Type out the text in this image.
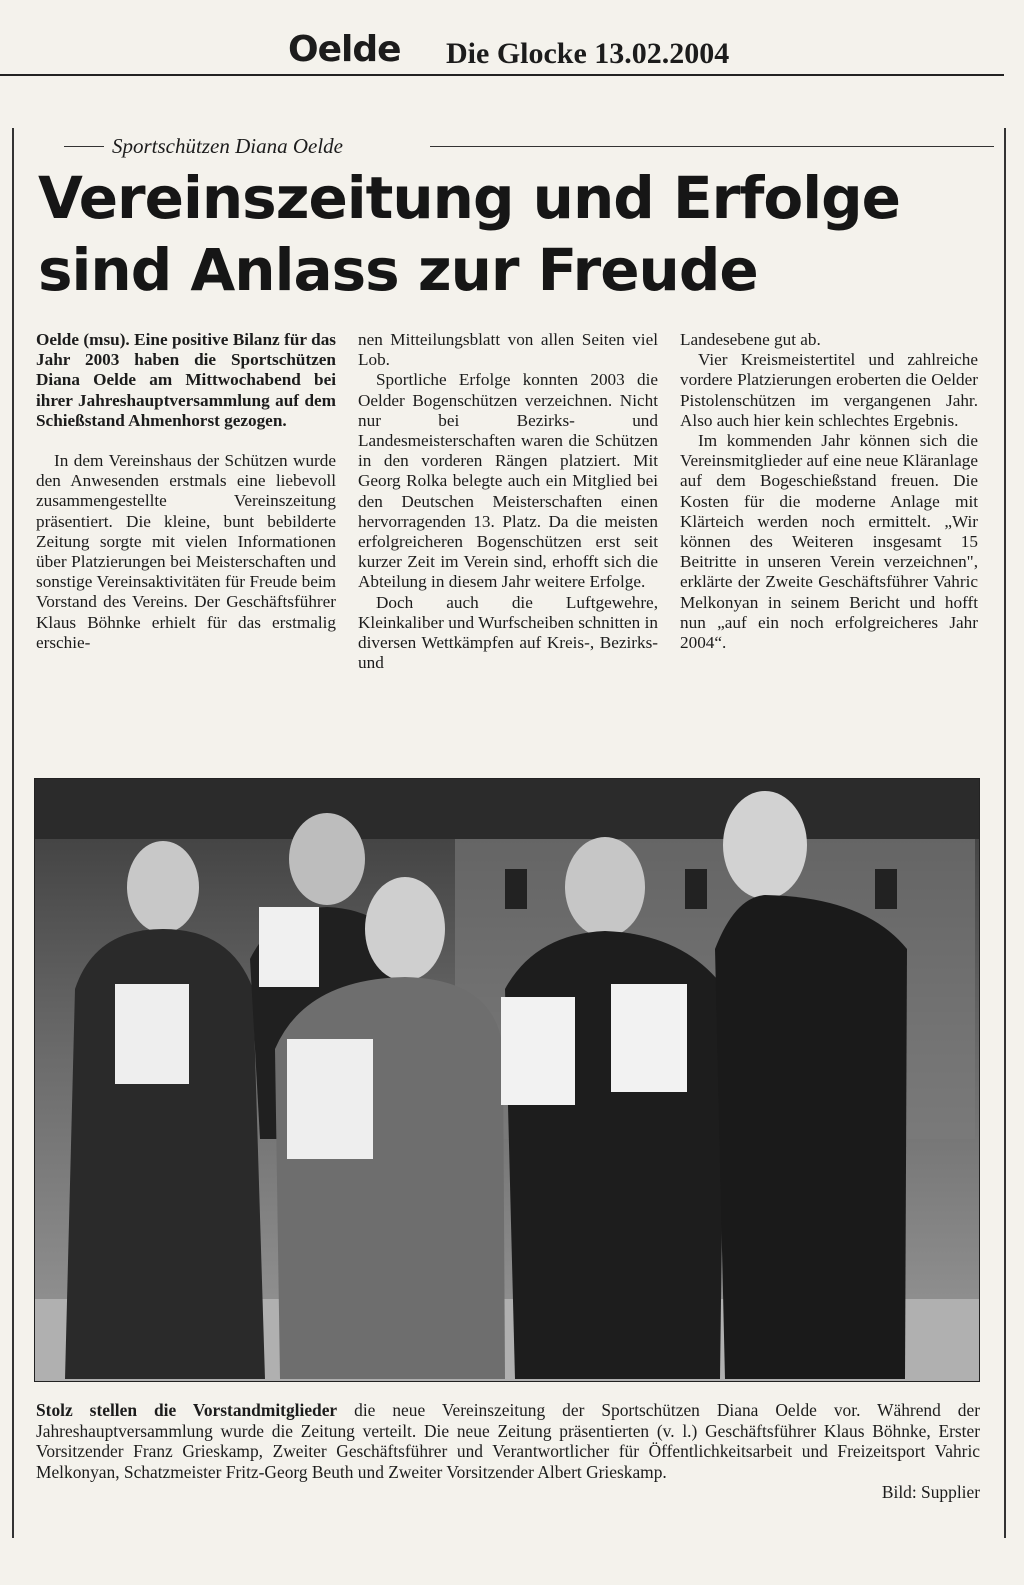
Oelde Die Glocke 13.02.2004
Sportschützen Diana Oelde
Vereinszeitung und Erfolge
sind Anlass zur Freude

Oelde (msu). Eine positive Bilanz für das Jahr 2003 haben die Sportschützen Diana Oelde am Mittwochabend bei ihrer Jahreshauptversammlung auf dem Schießstand Ahmenhorst gezogen.

In dem Vereinshaus der Schützen wurde den Anwesenden erstmals eine liebevoll zusammengestellte Vereinszeitung präsentiert. Die kleine, bunt bebilderte Zeitung sorgte mit vielen Informationen über Platzierungen bei Meisterschaften und sonstige Vereinsaktivitäten für Freude beim Vorstand des Vereins. Der Geschäftsführer Klaus Böhnke erhielt für das erstmalig erschie-

nen Mitteilungsblatt von allen Seiten viel Lob.

Sportliche Erfolge konnten 2003 die Oelder Bogenschützen verzeichnen. Nicht nur bei Bezirks- und Landesmeisterschaften waren die Schützen in den vorderen Rängen platziert. Mit Georg Rolka belegte auch ein Mitglied bei den Deutschen Meisterschaften einen hervorragenden 13. Platz. Da die meisten erfolgreicheren Bogenschützen erst seit kurzer Zeit im Verein sind, erhofft sich die Abteilung in diesem Jahr weitere Erfolge.

Doch auch die Luftgewehre, Kleinkaliber und Wurfscheiben schnitten in diversen Wettkämpfen auf Kreis-, Bezirks- und

Landesebene gut ab.

Vier Kreismeistertitel und zahlreiche vordere Platzierungen eroberten die Oelder Pistolenschützen im vergangenen Jahr. Also auch hier kein schlechtes Ergebnis.

Im kommenden Jahr können sich die Vereinsmitglieder auf eine neue Kläranlage auf dem Bogeschießstand freuen. Die Kosten für die moderne Anlage mit Klärteich werden noch ermittelt. „Wir können des Weiteren insgesamt 15 Beitritte in unseren Verein verzeichnen", erklärte der Zweite Geschäftsführer Vahric Melkonyan in seinem Bericht und hofft nun „auf ein noch erfolgreicheres Jahr 2004“.

Stolz stellen die Vorstandmitglieder die neue Vereinszeitung der Sportschützen Diana Oelde vor. Während der Jahreshauptversammlung wurde die Zeitung verteilt. Die neue Zeitung präsentierten (v. l.) Geschäftsführer Klaus Böhnke, Erster Vorsitzender Franz Grieskamp, Zweiter Geschäftsführer und Verantwortlicher für Öffentlichkeitsarbeit und Freizeitsport Vahric Melkonyan, Schatzmeister Fritz-Georg Beuth und Zweiter Vorsitzender Albert Grieskamp.
Bild: Supplier
